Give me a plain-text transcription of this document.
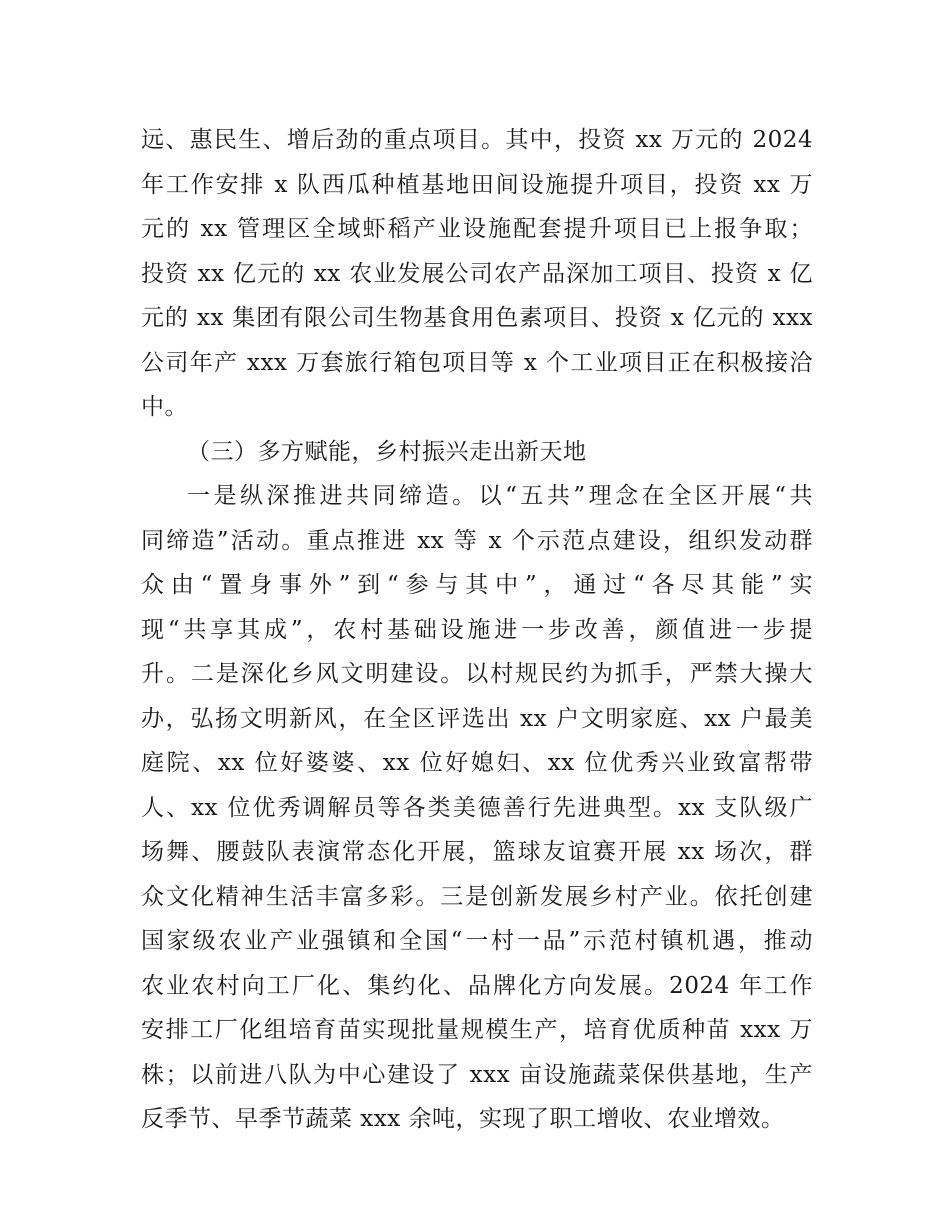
远、惠民生、增后劲的重点项目。其中，投资 xx 万元的 2024
年工作安排 x 队西瓜种植基地田间设施提升项目，投资 xx 万
元的 xx 管理区全域虾稻产业设施配套提升项目已上报争取；
投资 xx 亿元的 xx 农业发展公司农产品深加工项目、投资 x 亿
元的 xx 集团有限公司生物基食用色素项目、投资 x 亿元的 xxx
公司年产 xxx 万套旅行箱包项目等 x 个工业项目正在积极接洽
中。
（三）多方赋能，乡村振兴走出新天地
一是纵深推进共同缔造。以“五共”理念在全区开展“共
同缔造”活动。重点推进 xx 等 x 个示范点建设，组织发动群
众由“置身事外”到“参与其中”，通过“各尽其能”实
现“共享其成”，农村基础设施进一步改善，颜值进一步提
升。二是深化乡风文明建设。以村规民约为抓手，严禁大操大
办，弘扬文明新风，在全区评选出 xx 户文明家庭、xx 户最美
庭院、xx 位好婆婆、xx 位好媳妇、xx 位优秀兴业致富帮带
人、xx 位优秀调解员等各类美德善行先进典型。xx 支队级广
场舞、腰鼓队表演常态化开展，篮球友谊赛开展 xx 场次，群
众文化精神生活丰富多彩。三是创新发展乡村产业。依托创建
国家级农业产业强镇和全国“一村一品”示范村镇机遇，推动
农业农村向工厂化、集约化、品牌化方向发展。2024 年工作
安排工厂化组培育苗实现批量规模生产，培育优质种苗 xxx 万
株；以前进八队为中心建设了 xxx 亩设施蔬菜保供基地，生产
反季节、早季节蔬菜 xxx 余吨，实现了职工增收、农业增效。
